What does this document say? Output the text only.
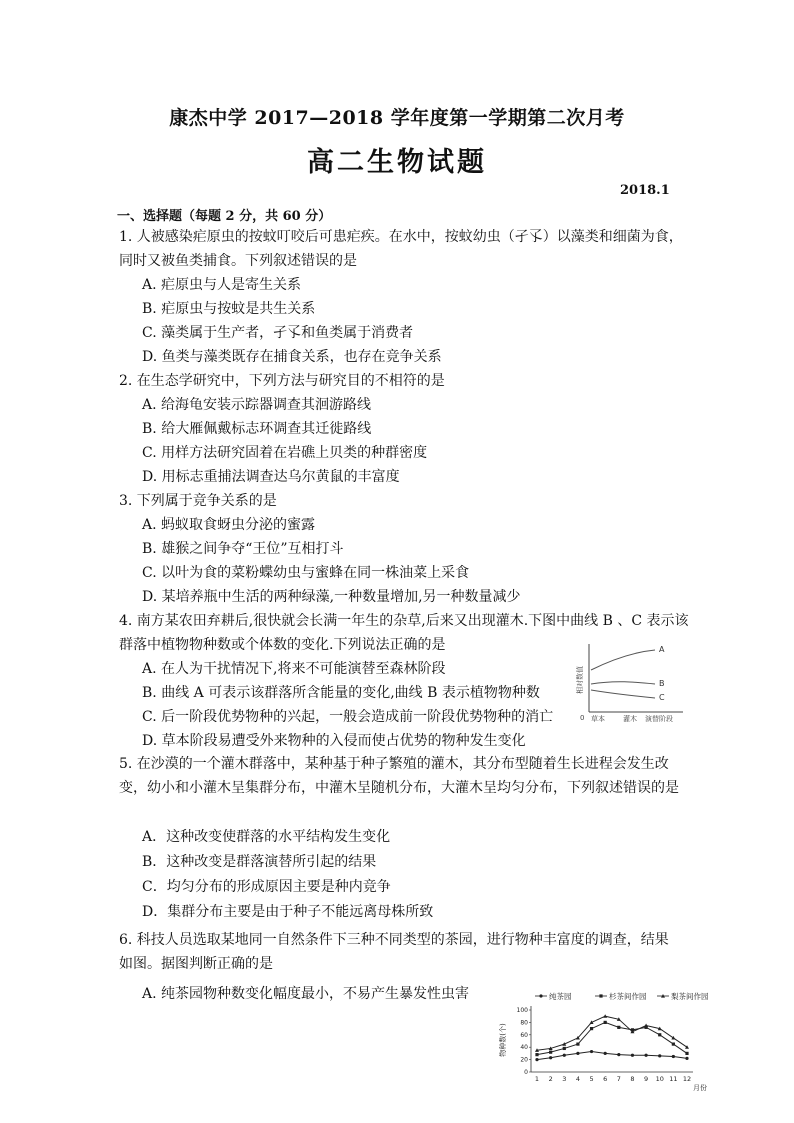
康杰中学 2017—2018 学年度第一学期第二次月考
高二生物试题
2018.1
一、选择题（每题 2 分，共 60 分）
1. 人被感染疟原虫的按蚊叮咬后可患疟疾。在水中，按蚊幼虫（孑孓）以藻类和细菌为食，
同时又被鱼类捕食。下列叙述错误的是
A. 疟原虫与人是寄生关系
B. 疟原虫与按蚊是共生关系
C. 藻类属于生产者，孑孓和鱼类属于消费者
D. 鱼类与藻类既存在捕食关系，也存在竞争关系
2. 在生态学研究中，下列方法与研究目的不相符的是
A. 给海龟安装示踪器调查其洄游路线
B. 给大雁佩戴标志环调查其迁徙路线
C. 用样方法研究固着在岩礁上贝类的种群密度
D. 用标志重捕法调查达乌尔黄鼠的丰富度
3. 下列属于竞争关系的是
A. 蚂蚁取食蚜虫分泌的蜜露
B. 雄猴之间争夺“王位”互相打斗
C. 以叶为食的菜粉蝶幼虫与蜜蜂在同一株油菜上采食
D. 某培养瓶中生活的两种绿藻,一种数量增加,另一种数量减少
4. 南方某农田弃耕后,很快就会长满一年生的杂草,后来又出现灌木.下图中曲线 B 、C 表示该
群落中植物物种数或个体数的变化.下列说法正确的是
A. 在人为干扰情况下,将来不可能演替至森林阶段
B. 曲线 A 可表示该群落所含能量的变化,曲线 B 表示植物物种数
C. 后一阶段优势物种的兴起，一般会造成前一阶段优势物种的消亡
D. 草本阶段易遭受外来物种的入侵而使占优势的物种发生变化
相对数值
A
B
C
0 草本	灌木 演替阶段
5. 在沙漠的一个灌木群落中，某种基于种子繁殖的灌木，其分布型随着生长进程会发生改变，幼小和小灌木呈集群分布，中灌木呈随机分布，大灌木呈均匀分布，下列叙述错误的是
A．这种改变使群落的水平结构发生变化
B．这种改变是群落演替所引起的结果
C．均匀分布的形成原因主要是种内竞争
D．集群分布主要是由于种子不能远离母株所致
6. 科技人员选取某地同一自然条件下三种不同类型的茶园，进行物种丰富度的调查，结果如图。据图判断正确的是
A. 纯茶园物种数变化幅度最小，不易产生暴发性虫害	纯茶园	杉茶间作园	梨茶间作园
物种数(个)
月份
0
20
40
60
80
100
1 2 3 4 5 6 7 8 9 10 11 12
